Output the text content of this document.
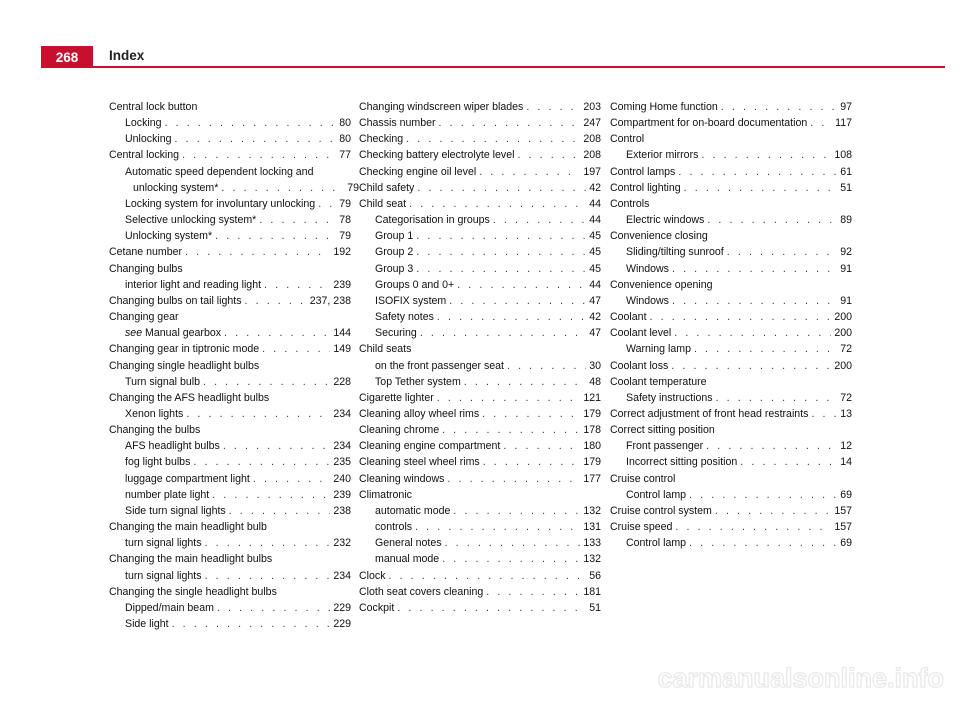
268	Index
Central lock button
Locking . . .	80
Unlocking . . .	80
Central locking . . .	77
Automatic speed dependent locking and
unlocking system* . . .	79
Locking system for involuntary unlocking . . . 79
Selective unlocking system* . . .	78
Unlocking system* . . .	79
Cetane number . . .	192
Changing bulbs
interior light and reading light . . .	239
Changing bulbs on tail lights . . .	237, 238
Changing gear
see Manual gearbox . . .	144
Changing gear in tiptronic mode . . .	149
Changing single headlight bulbs
Turn signal bulb . . .	228
Changing the AFS headlight bulbs
Xenon lights . . .	234
Changing the bulbs
AFS headlight bulbs . . .	234
fog light bulbs . . .	235
luggage compartment light . . .	240
number plate light . . .	239
Side turn signal lights . . .	238
Changing the main headlight bulb
turn signal lights . . .	232
Changing the main headlight bulbs
turn signal lights . . .	234
Changing the single headlight bulbs
Dipped/main beam . . .	229
Side light . . .	229
Changing windscreen wiper blades . . .	203
Chassis number . . .	247
Checking . . .	208
Checking battery electrolyte level . . .	208
Checking engine oil level . . .	197
Child safety . . .	42
Child seat . . .	44
Categorisation in groups . . .	44
Group 1 . . .	45
Group 2 . . .	45
Group 3 . . .	45
Groups 0 and 0+ . . .	44
ISOFIX system . . .	47
Safety notes . . .	42
Securing . . .	47
Child seats
on the front passenger seat . . .	30
Top Tether system . . .	48
Cigarette lighter . . .	121
Cleaning alloy wheel rims . . .	179
Cleaning chrome . . .	178
Cleaning engine compartment . . .	180
Cleaning steel wheel rims . . .	179
Cleaning windows . . .	177
Climatronic
automatic mode . . .	132
controls . . .	131
General notes . . .	133
manual mode . . .	132
Clock . . .	56
Cloth seat covers cleaning . . .	181
Cockpit . . .	51
Coming Home function . . .	97
Compartment for on-board documentation . . .	117
Control
Exterior mirrors . . .	108
Control lamps . . .	61
Control lighting . . .	51
Controls
Electric windows . . .	89
Convenience closing
Sliding/tilting sunroof . . .	92
Windows . . .	91
Convenience opening
Windows . . .	91
Coolant . . .	200
Coolant level . . .	200
Warning lamp . . .	72
Coolant loss . . .	200
Coolant temperature
Safety instructions . . .	72
Correct adjustment of front head restraints . . .	13
Correct sitting position
Front passenger . . .	12
Incorrect sitting position . . .	14
Cruise control
Control lamp . . .	69
Cruise control system . . .	157
Cruise speed . . .	157
Control lamp . . .	69
carmanualsonline.info
